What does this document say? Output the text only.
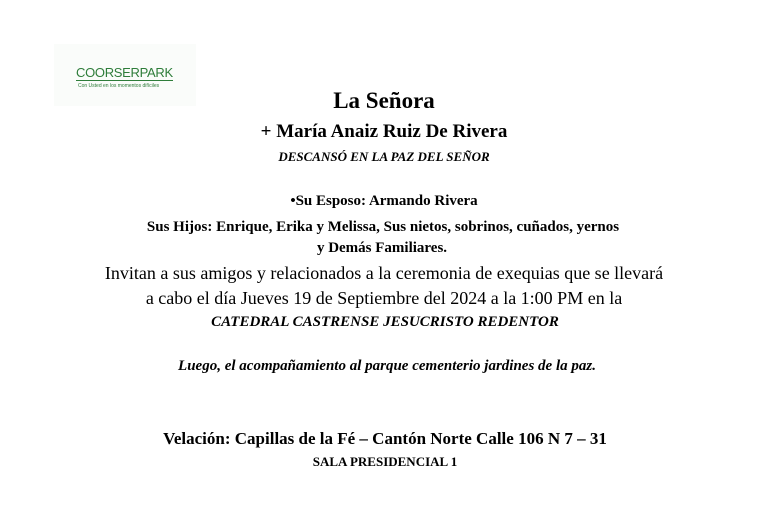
COORSERPARK
Con Usted en los momentos difíciles
La Señora
+ María Anaiz Ruiz De Rivera
DESCANSÓ EN LA PAZ DEL SEÑOR
•Su Esposo: Armando Rivera
Sus Hijos: Enrique, Erika y Melissa, Sus nietos, sobrinos, cuñados, yernos
y Demás Familiares.
Invitan a sus amigos y relacionados a la ceremonia de exequias que se llevará
a cabo el día Jueves 19 de Septiembre del 2024 a la 1:00 PM en la
CATEDRAL CASTRENSE JESUCRISTO REDENTOR
Luego, el acompañamiento al parque cementerio jardines de la paz.
Velación: Capillas de la Fé – Cantón Norte Calle 106 N 7 – 31
SALA PRESIDENCIAL 1
